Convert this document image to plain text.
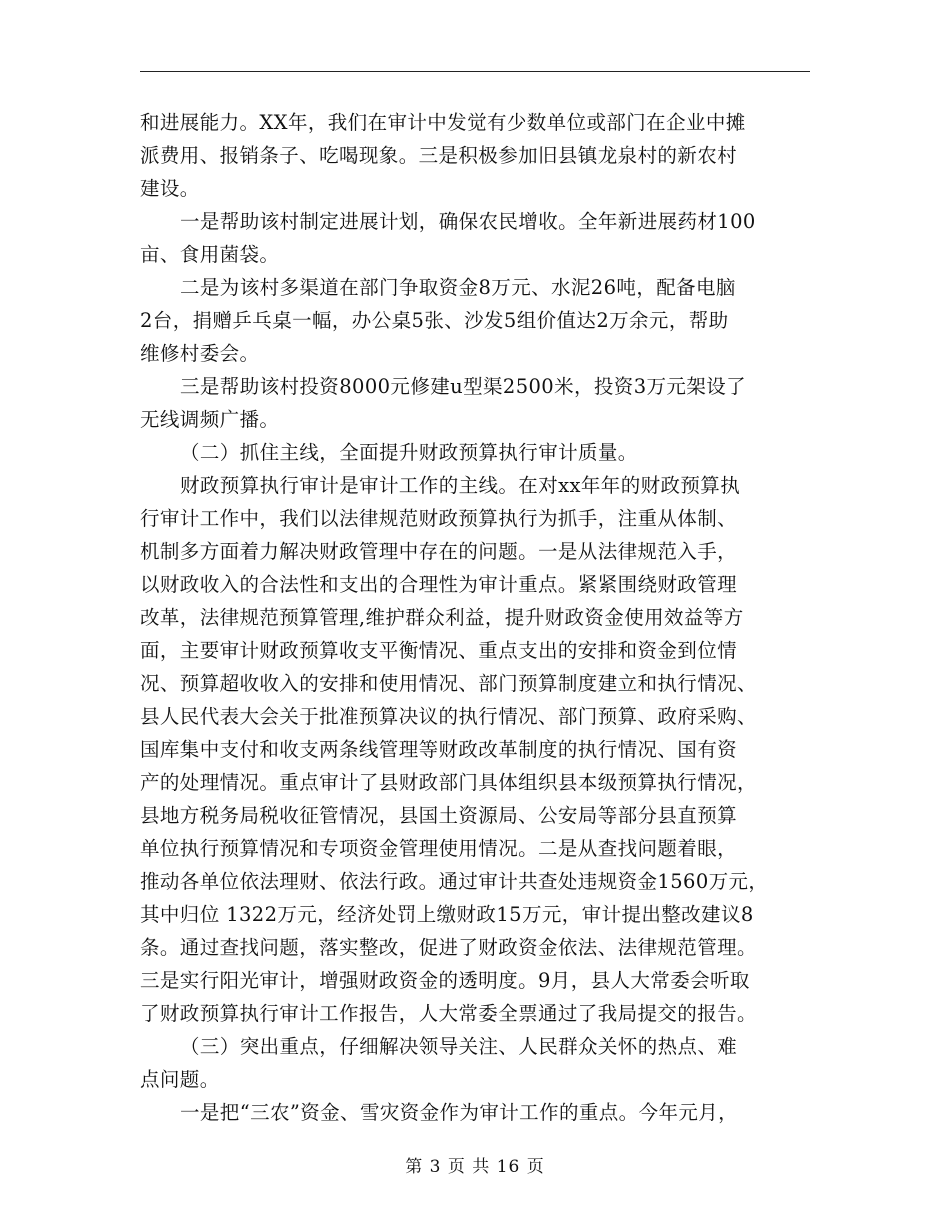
和进展能力。XX年，我们在审计中发觉有少数单位或部门在企业中摊
派费用、报销条子、吃喝现象。三是积极参加旧县镇龙泉村的新农村
建设。
一是帮助该村制定进展计划，确保农民增收。全年新进展药材100
亩、食用菌袋。
二是为该村多渠道在部门争取资金8万元、水泥26吨，配备电脑
2台，捐赠乒乓桌一幅，办公桌5张、沙发5组价值达2万余元，帮助
维修村委会。
三是帮助该村投资8000元修建u型渠2500米，投资3万元架设了
无线调频广播。
（二）抓住主线，全面提升财政预算执行审计质量。
财政预算执行审计是审计工作的主线。在对xx年年的财政预算执
行审计工作中，我们以法律规范财政预算执行为抓手，注重从体制、
机制多方面着力解决财政管理中存在的问题。一是从法律规范入手，
以财政收入的合法性和支出的合理性为审计重点。紧紧围绕财政管理
改革，法律规范预算管理,维护群众利益，提升财政资金使用效益等方
面，主要审计财政预算收支平衡情况、重点支出的安排和资金到位情
况、预算超收收入的安排和使用情况、部门预算制度建立和执行情况、
县人民代表大会关于批准预算决议的执行情况、部门预算、政府采购、
国库集中支付和收支两条线管理等财政改革制度的执行情况、国有资
产的处理情况。重点审计了县财政部门具体组织县本级预算执行情况，
县地方税务局税收征管情况，县国土资源局、公安局等部分县直预算
单位执行预算情况和专项资金管理使用情况。二是从查找问题着眼，
推动各单位依法理财、依法行政。通过审计共查处违规资金1560万元，
其中归位 1322万元，经济处罚上缴财政15万元，审计提出整改建议8
条。通过查找问题，落实整改，促进了财政资金依法、法律规范管理。
三是实行阳光审计，增强财政资金的透明度。9月，县人大常委会听取
了财政预算执行审计工作报告，人大常委全票通过了我局提交的报告。
（三）突出重点，仔细解决领导关注、人民群众关怀的热点、难
点问题。
一是把“三农”资金、雪灾资金作为审计工作的重点。今年元月，
第 3 页 共 16 页
